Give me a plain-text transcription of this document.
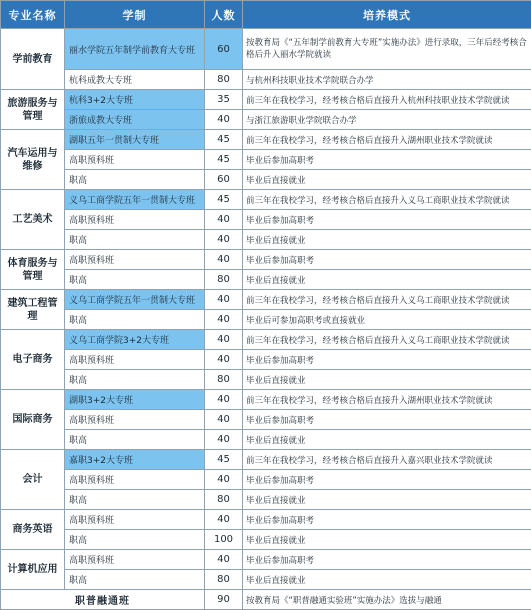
专业名称	学制	人数	培养模式
学前教育	丽水学院五年制学前教育大专班	60	按教育局《“五年制学前教育大专班”实施办法》进行录取，三年后经考核合格后升入丽水学院就读
	杭科成教大专班	80	与杭州科技职业技术学院联合办学
旅游服务与管理	杭科3+2大专班	35	前三年在我校学习，经考核合格后直接升入杭州科技职业技术学院就读
	浙旅成教大专班	40	与浙江旅游职业学院联合办学
汽车运用与维修	湖职五年一贯制大专班	45	前三年在我校学习，经考核合格后直接升入湖州职业技术学院就读
	高职预科班	45	毕业后参加高职考
	职高	60	毕业后直接就业
工艺美术	义乌工商学院五年一贯制大专班	45	前三年在我校学习，经考核合格后直接升入义乌工商职业技术学院就读
	高职预科班	40	毕业后参加高职考
	职高	40	毕业后直接就业
体育服务与管理	高职预科班	40	毕业后参加高职考
	职高	80	毕业后直接就业
建筑工程管理	义乌工商学院五年一贯制大专班	40	前三年在我校学习，经考核合格后直接升入义乌工商职业技术学院就读
	职高	40	毕业后可参加高职考或直接就业
电子商务	义乌工商学院3+2大专班	40	前三年在我校学习，经考核合格后直接升入义乌工商职业技术学院就读
	高职预科班	40	毕业后参加高职考
	职高	80	毕业后直接就业
国际商务	湖职3+2大专班	40	前三年在我校学习，经考核合格后直接升入湖州职业技术学院就读
	高职预科班	40	毕业后参加高职考
	职高	40	毕业后直接就业
会计	嘉职3+2大专班	45	前三年在我校学习，经考核合格后直接升入嘉兴职业技术学院就读
	高职预科班	40	毕业后参加高职考
	职高	80	毕业后直接就业
商务英语	高职预科班	40	毕业后参加高职考
	职高	100	毕业后直接就业
计算机应用	高职预科班	40	毕业后参加高职考
	职高	80	毕业后直接就业
职普融通班		90	按教育局《“职普融通实验班”实施办法》选拔与融通
